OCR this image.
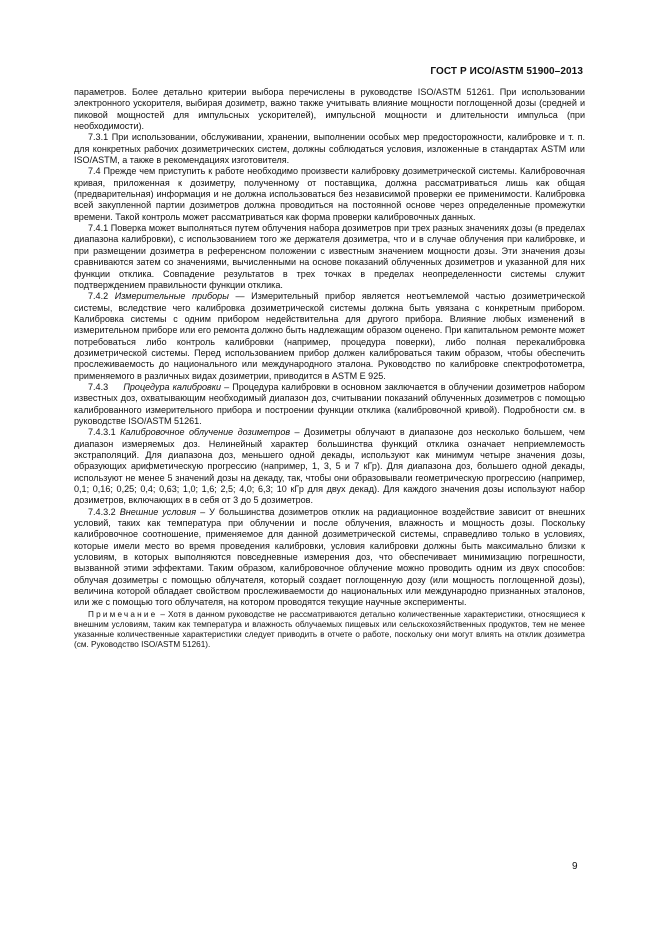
ГОСТ Р ИСО/ASTM 51900–2013

параметров. Более детально критерии выбора перечислены в руководстве ISO/ASTM 51261. При использовании электронного ускорителя, выбирая дозиметр, важно также учитывать влияние мощности поглощенной дозы (средней и пиковой мощностей для импульсных ускорителей), импульсной мощности и длительности импульса (при необходимости).

7.3.1 При использовании, обслуживании, хранении, выполнении особых мер предосторожности, калибровке и т. п. для конкретных рабочих дозиметрических систем, должны соблюдаться условия, изложенные в стандартах ASTM или ISO/ASTM, а также в рекомендациях изготовителя.

7.4 Прежде чем приступить к работе необходимо произвести калибровку дозиметрической системы. Калибровочная кривая, приложенная к дозиметру, полученному от поставщика, должна рассматриваться лишь как общая (предварительная) информация и не должна использоваться без независимой проверки ее применимости. Калибровка всей закупленной партии дозиметров должна проводиться на постоянной основе через определенные промежутки времени. Такой контроль может рассматриваться как форма проверки калибровочных данных.

7.4.1 Поверка может выполняться путем облучения набора дозиметров при трех разных значениях дозы (в пределах диапазона калибровки), с использованием того же держателя дозиметра, что и в случае облучения при калибровке, и при размещении дозиметра в референсном положении с известным значением мощности дозы. Эти значения дозы сравниваются затем со значениями, вычисленными на основе показаний облученных дозиметров и указанной для них функции отклика. Совпадение результатов в трех точках в пределах неопределенности системы служит подтверждением правильности функции отклика.

7.4.2 Измерительные приборы — Измерительный прибор является неотъемлемой частью дозиметрической системы, вследствие чего калибровка дозиметрической системы должна быть увязана с конкретным прибором. Калибровка системы с одним прибором недействительна для другого прибора. Влияние любых изменений в измерительном приборе или его ремонта должно быть надлежащим образом оценено. При капитальном ремонте может потребоваться либо контроль калибровки (например, процедура поверки), либо полная перекалибровка дозиметрической системы. Перед использованием прибор должен калиброваться таким образом, чтобы обеспечить прослеживаемость до национального или международного эталона. Руководство по калибровке спектрофотометра, применяемого в различных видах дозиметрии, приводится в ASTM E 925.

7.4.3 Процедура калибровки – Процедура калибровки в основном заключается в облучении дозиметров набором известных доз, охватывающим необходимый диапазон доз, считывании показаний облученных дозиметров с помощью калиброванного измерительного прибора и построении функции отклика (калибровочной кривой). Подробности см. в руководстве ISO/ASTM 51261.

7.4.3.1 Калибровочное облучение дозиметров – Дозиметры облучают в диапазоне доз несколько большем, чем диапазон измеряемых доз. Нелинейный характер большинства функций отклика означает неприемлемость экстраполяций. Для диапазона доз, меньшего одной декады, используют как минимум четыре значения дозы, образующих арифметическую прогрессию (например, 1, 3, 5 и 7 кГр). Для диапазона доз, большего одной декады, используют не менее 5 значений дозы на декаду, так, чтобы они образовывали геометрическую прогрессию (например, 0,1; 0,16; 0,25; 0,4; 0,63; 1,0; 1,6; 2,5; 4,0; 6,3; 10 кГр для двух декад). Для каждого значения дозы используют набор дозиметров, включающих в в себя от 3 до 5 дозиметров.

7.4.3.2 Внешние условия – У большинства дозиметров отклик на радиационное воздействие зависит от внешних условий, таких как температура при облучении и после облучения, влажность и мощность дозы. Поскольку калибровочное соотношение, применяемое для данной дозиметрической системы, справедливо только в условиях, которые имели место во время проведения калибровки, условия калибровки должны быть максимально близки к условиям, в которых выполняются повседневные измерения доз, что обеспечивает минимизацию погрешности, вызванной этими эффектами. Таким образом, калибровочное облучение можно проводить одним из двух способов: облучая дозиметры с помощью облучателя, который создает поглощенную дозу (или мощность поглощенной дозы), величина которой обладает свойством прослеживаемости до национальных или международно признанных эталонов, или же с помощью того облучателя, на котором проводятся текущие научные эксперименты.

Примечание – Хотя в данном руководстве не рассматриваются детально количественные характеристики, относящиеся к внешним условиям, таким как температура и влажность облучаемых пищевых или сельскохозяйственных продуктов, тем не менее указанные количественные характеристики следует приводить в отчете о работе, поскольку они могут влиять на отклик дозиметра (см. Руководство ISO/ASTM 51261).

9
